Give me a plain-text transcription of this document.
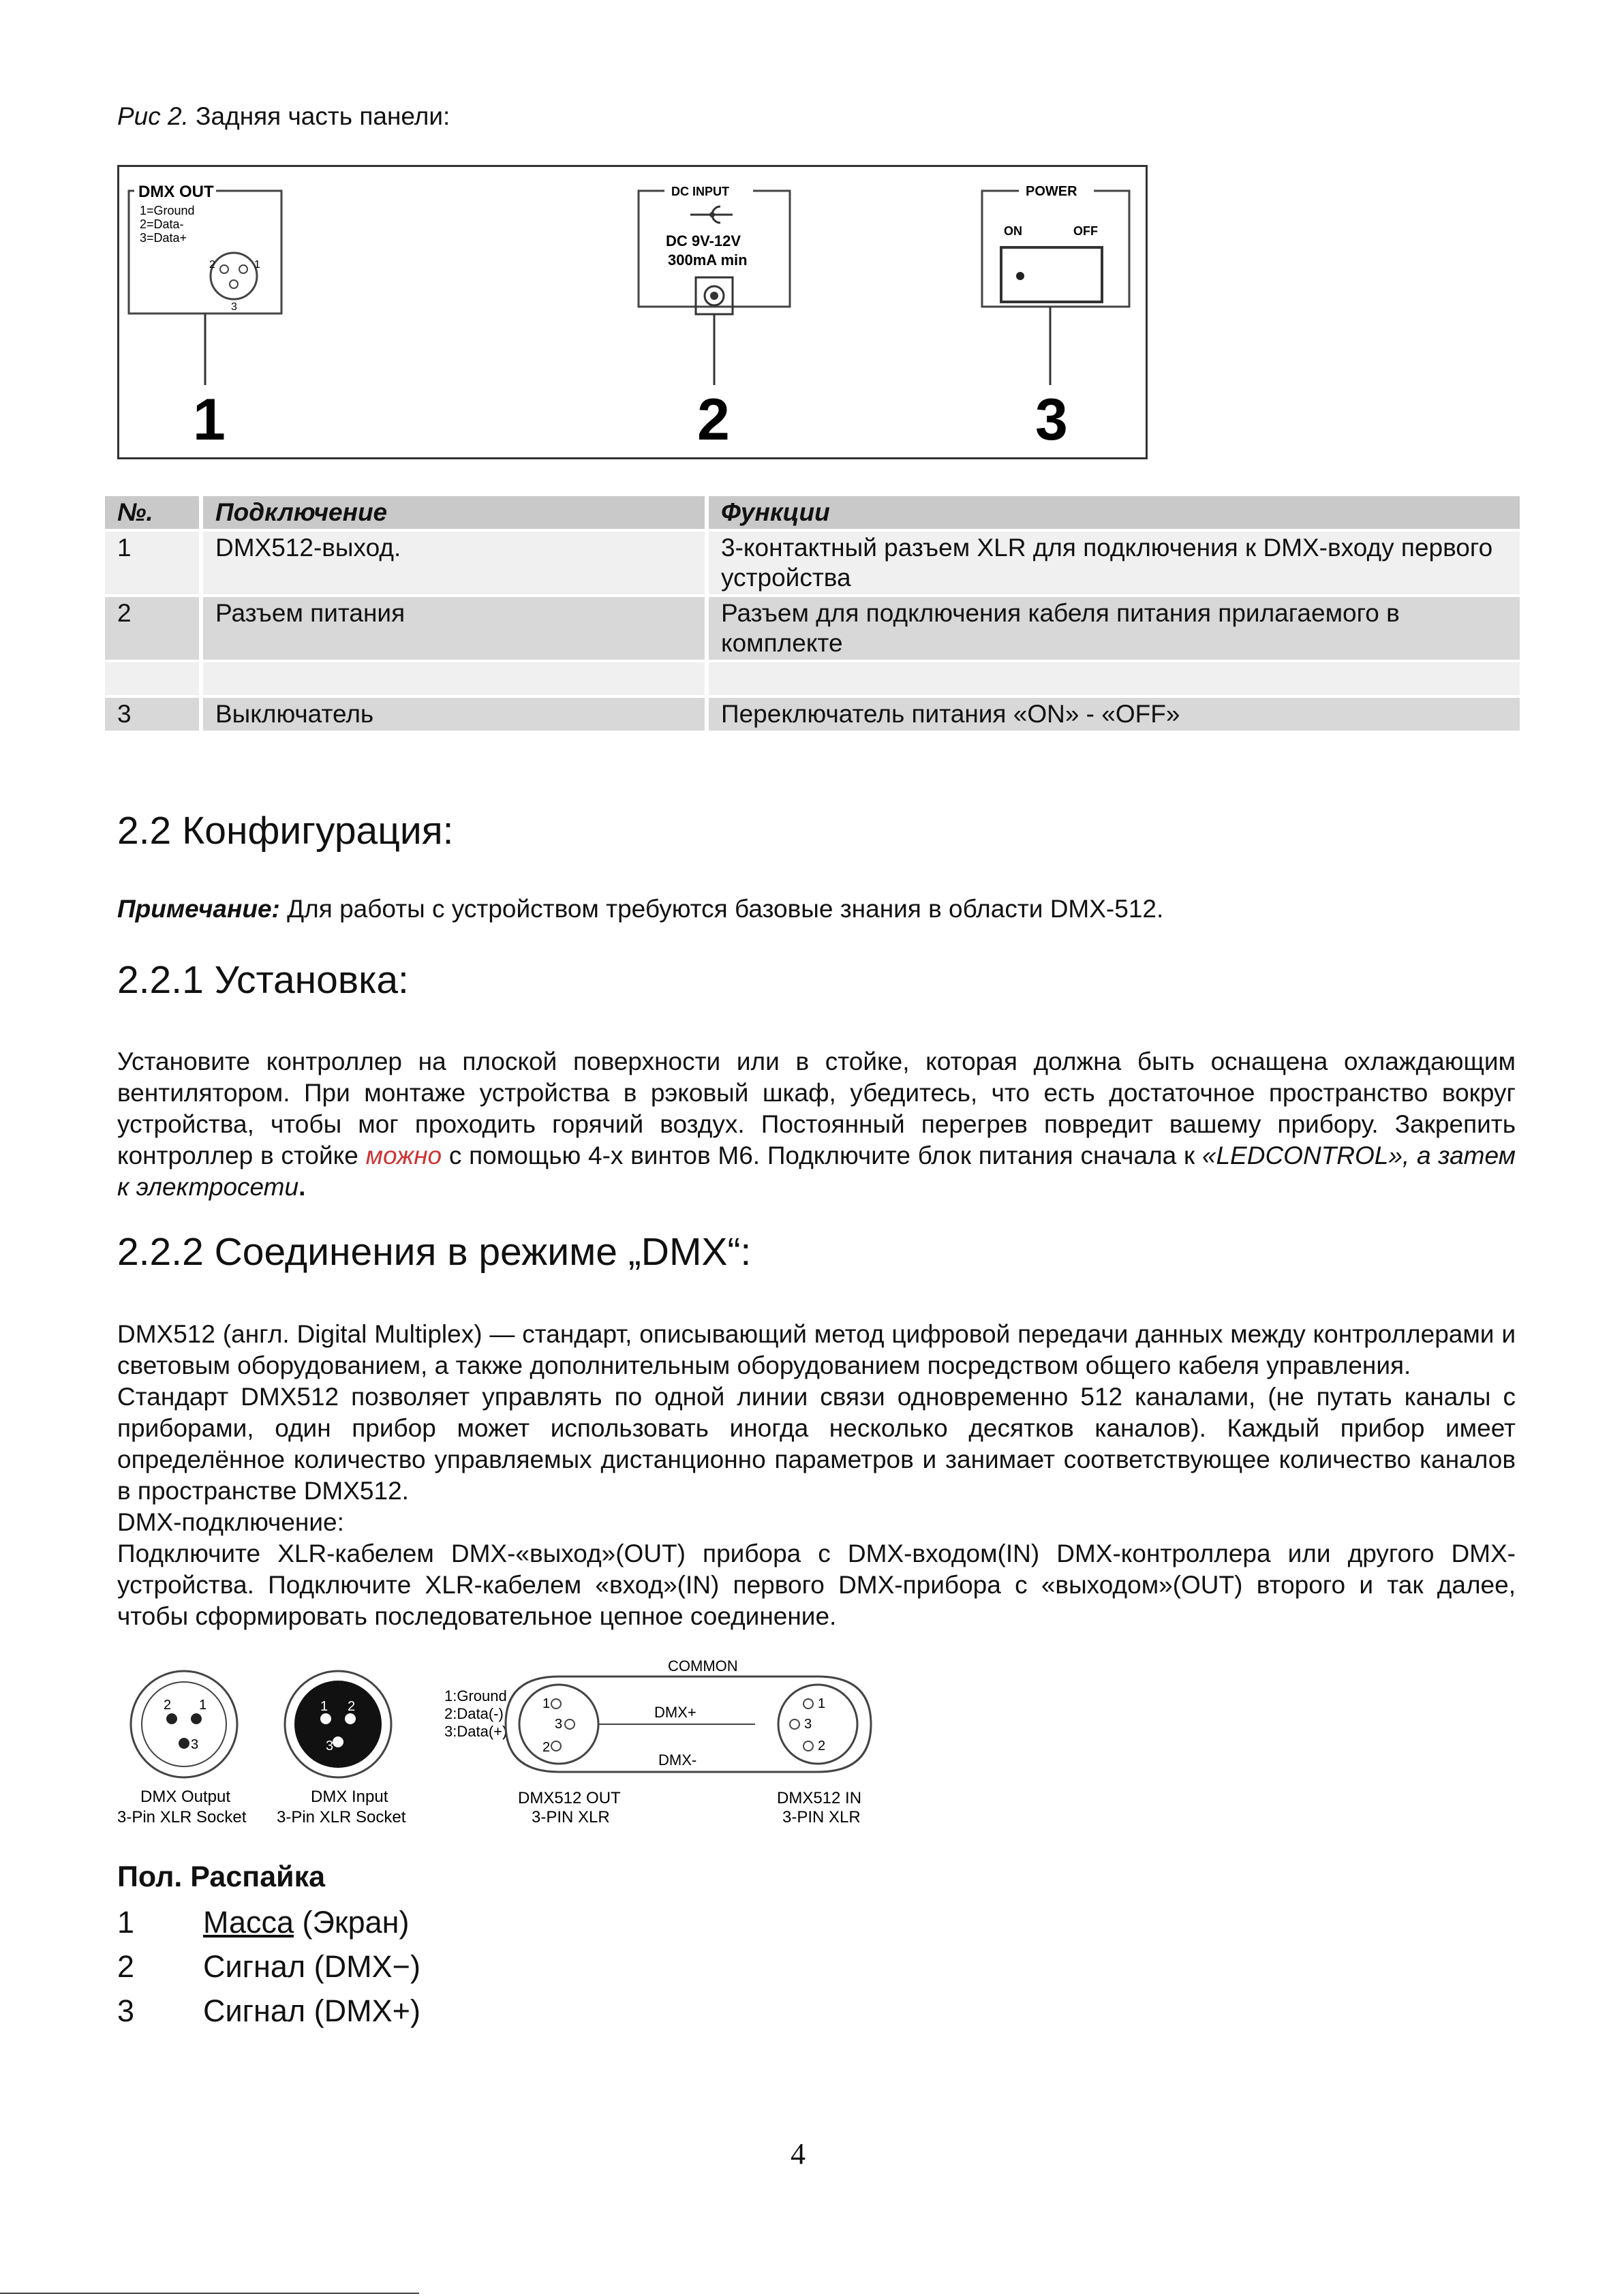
Рис 2. Задняя часть панели:
DMX OUT
1=Ground
2=Data-
3=Data+
2	1
3
1
DC INPUT
DC 9V-12V
300mA min
2
POWER
ON	OFF
3
№.	Подключение	Функции
1	DMX512-выход.	3-контактный разъем XLR для подключения к DMX-входу первого устройства
2	Разъем питания	Разъем для подключения кабеля питания прилагаемого в комплекте

3	Выключатель	Переключатель питания «ON» - «OFF»
2.2 Конфигурация:
Примечание: Для работы с устройством требуются базовые знания в области DMX-512.
2.2.1 Установка:

Установите контроллер на плоской поверхности или в стойке, которая должна быть оснащена охлаждающим вентилятором. При монтаже устройства в рэковый шкаф, убедитесь, что есть достаточное пространство вокруг устройства, чтобы мог проходить горячий воздух. Постоянный перегрев повредит вашему прибору. Закрепить контроллер в стойке можно с помощью 4-х винтов М6. Подключите блок питания сначала к «LEDCONTROL», а затем к электросети.

2.2.2 Соединения в режиме „DMX“:

DMX512 (англ. Digital Multiplex) — стандарт, описывающий метод цифровой передачи данных между контроллерами и световым оборудованием, а также дополнительным оборудованием посредством общего кабеля управления.

Стандарт DMX512 позволяет управлять по одной линии связи одновременно 512 каналами, (не путать каналы с приборами, один прибор может использовать иногда несколько десятков каналов). Каждый прибор имеет определённое количество управляемых дистанционно параметров и занимает соответствующее количество каналов в пространстве DMX512.

DMX-подключение:

Подключите XLR-кабелем DMX-«выход»(OUT) прибора с DMX-входом(IN) DMX-контроллера или другого DMX-устройства. Подключите XLR-кабелем «вход»(IN) первого DMX-прибора с «выходом»(OUT) второго и так далее, чтобы сформировать последовательное цепное соединение.

2 1
3
DMX Output
3-Pin XLR Socket
1 2
3
DMX Input
3-Pin XLR Socket
1:Ground
2:Data(-)
3:Data(+)
COMMON
1
3
2
1
3
2
DMX+
DMX-
DMX512 OUT
3-PIN XLR
DMX512 IN
3-PIN XLR
Пол. Распайка
1 Масса (Экран)
2 Сигнал (DMX−)
3 Сигнал (DMX+)
4
